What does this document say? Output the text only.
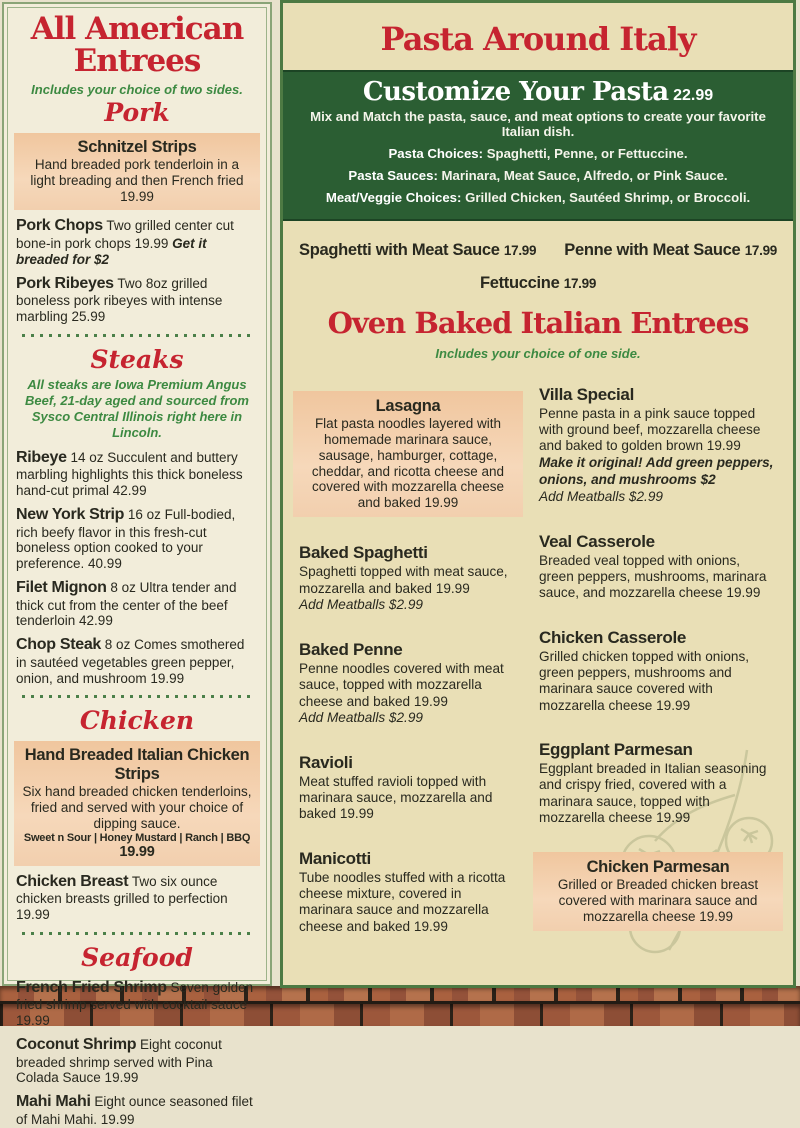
All American Entrees
Includes your choice of two sides.
Pork
Schnitzel Strips
Hand breaded pork tenderloin in a light breading and then French fried 19.99

Pork Chops Two grilled center cut bone-in pork chops 19.99 Get it breaded for $2

Pork Ribeyes Two 8oz grilled boneless pork ribeyes with intense marbling 25.99

Steaks
All steaks are Iowa Premium Angus Beef, 21-day aged and sourced from Sysco Central Illinois right here in Lincoln.

Ribeye 14 oz Succulent and buttery marbling highlights this thick boneless hand-cut primal 42.99

New York Strip 16 oz Full-bodied, rich beefy flavor in this fresh-cut boneless option cooked to your preference. 40.99

Filet Mignon 8 oz Ultra tender and thick cut from the center of the beef tenderloin 42.99

Chop Steak 8 oz Comes smothered in sautéed vegetables green pepper, onion, and mushroom 19.99

Chicken
Hand Breaded Italian Chicken Strips
Six hand breaded chicken tenderloins, fried and served with your choice of dipping sauce.
Sweet n Sour | Honey Mustard | Ranch | BBQ 19.99

Chicken Breast Two six ounce chicken breasts grilled to perfection 19.99

Seafood

French Fried Shrimp Seven golden fried shrimp served with cocktail sauce 19.99

Coconut Shrimp Eight coconut breaded shrimp served with Pina Colada Sauce 19.99

Mahi Mahi Eight ounce seasoned filet of Mahi Mahi. 19.99

Pasta Around Italy
Customize Your Pasta 22.99
Mix and Match the pasta, sauce, and meat options to create your favorite Italian dish.
Pasta Choices: Spaghetti, Penne, or Fettuccine.
Pasta Sauces: Marinara, Meat Sauce, Alfredo, or Pink Sauce.
Meat/Veggie Choices: Grilled Chicken, Sautéed Shrimp, or Broccoli.
Spaghetti with Meat Sauce 17.99 Penne with Meat Sauce 17.99
Fettuccine 17.99
Oven Baked Italian Entrees
Includes your choice of one side.
Lasagna
Flat pasta noodles layered with homemade marinara sauce, sausage, hamburger, cottage, cheddar, and ricotta cheese and covered with mozzarella cheese and baked 19.99
Baked Spaghetti
Spaghetti topped with meat sauce, mozzarella and baked 19.99
Add Meatballs $2.99
Baked Penne
Penne noodles covered with meat sauce, topped with mozzarella cheese and baked 19.99
Add Meatballs $2.99
Ravioli
Meat stuffed ravioli topped with marinara sauce, mozzarella and baked 19.99
Manicotti
Tube noodles stuffed with a ricotta cheese mixture, covered in marinara sauce and mozzarella cheese and baked 19.99
Villa Special
Penne pasta in a pink sauce topped with ground beef, mozzarella cheese and baked to golden brown 19.99
Make it original! Add green peppers, onions, and mushrooms $2
Add Meatballs $2.99
Veal Casserole
Breaded veal topped with onions, green peppers, mushrooms, marinara sauce, and mozzarella cheese 19.99
Chicken Casserole
Grilled chicken topped with onions, green peppers, mushrooms and marinara sauce covered with mozzarella cheese 19.99
Eggplant Parmesan
Eggplant breaded in Italian seasoning and crispy fried, covered with a marinara sauce, topped with mozzarella cheese 19.99
Chicken Parmesan
Grilled or Breaded chicken breast covered with marinara sauce and mozzarella cheese 19.99
